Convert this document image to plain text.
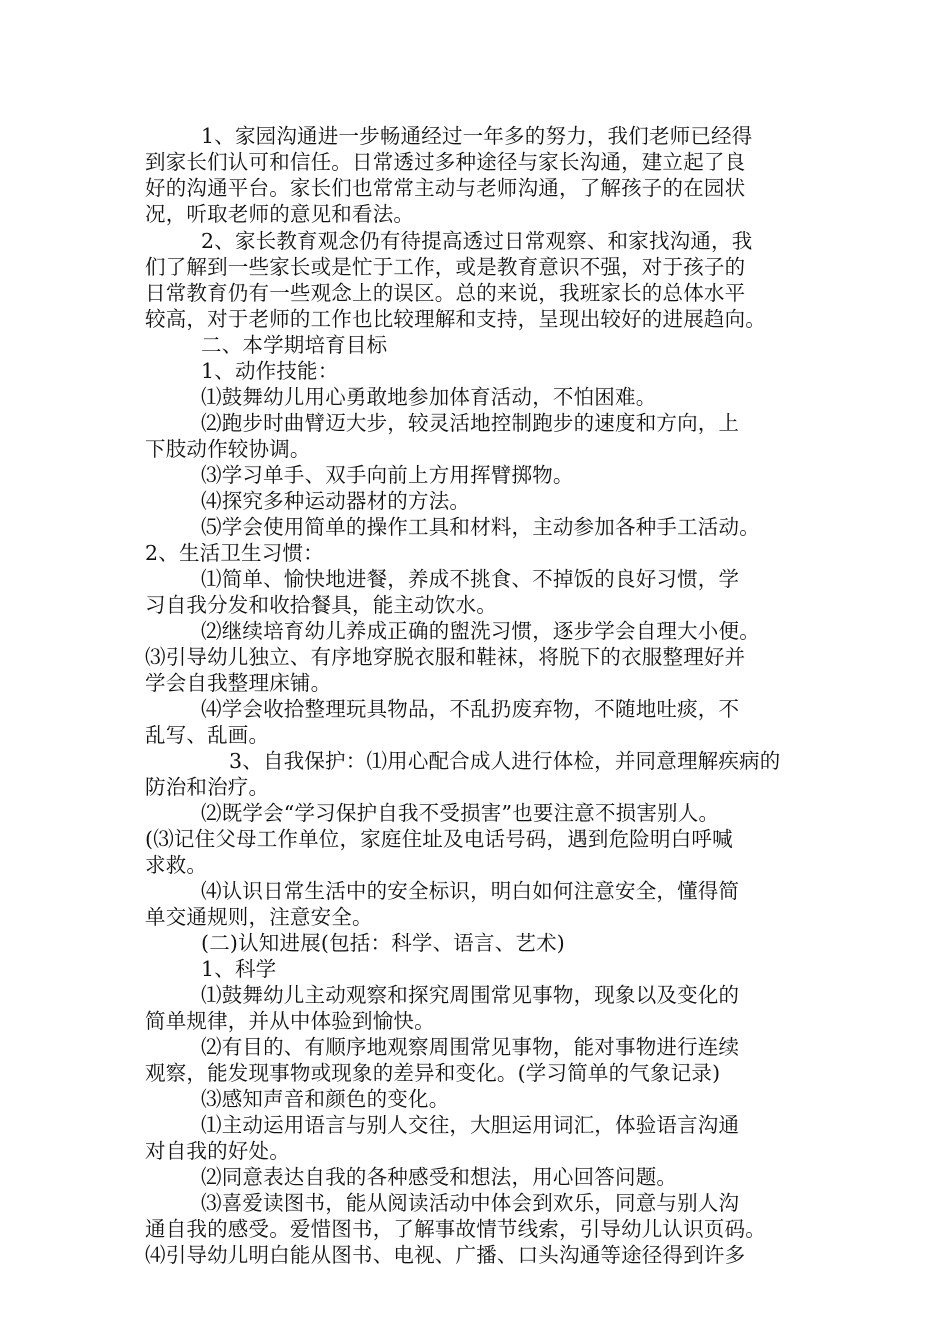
1、家园沟通进一步畅通经过一年多的努力，我们老师已经得
到家长们认可和信任。日常透过多种途径与家长沟通，建立起了良
好的沟通平台。家长们也常常主动与老师沟通，了解孩子的在园状
况，听取老师的意见和看法。
2、家长教育观念仍有待提高透过日常观察、和家找沟通，我
们了解到一些家长或是忙于工作，或是教育意识不强，对于孩子的
日常教育仍有一些观念上的误区。总的来说，我班家长的总体水平
较高，对于老师的工作也比较理解和支持，呈现出较好的进展趋向。
二、本学期培育目标
1、动作技能：
⑴鼓舞幼儿用心勇敢地参加体育活动，不怕困难。
⑵跑步时曲臂迈大步，较灵活地控制跑步的速度和方向，上
下肢动作较协调。
⑶学习单手、双手向前上方用挥臂掷物。
⑷探究多种运动器材的方法。
⑸学会使用简单的操作工具和材料，主动参加各种手工活动。
2、生活卫生习惯：
⑴简单、愉快地进餐，养成不挑食、不掉饭的良好习惯，学
习自我分发和收拾餐具，能主动饮水。
⑵继续培育幼儿养成正确的盥洗习惯，逐步学会自理大小便。
⑶引导幼儿独立、有序地穿脱衣服和鞋袜，将脱下的衣服整理好并
学会自我整理床铺。
⑷学会收拾整理玩具物品，不乱扔废弃物，不随地吐痰，不
乱写、乱画。
3、自我保护：⑴用心配合成人进行体检，并同意理解疾病的
防治和治疗。
⑵既学会“学习保护自我不受损害”也要注意不损害别人。
(⑶记住父母工作单位，家庭住址及电话号码，遇到危险明白呼喊
求救。
⑷认识日常生活中的安全标识，明白如何注意安全，懂得简
单交通规则，注意安全。
(二)认知进展(包括：科学、语言、艺术)
1、科学
⑴鼓舞幼儿主动观察和探究周围常见事物，现象以及变化的
简单规律，并从中体验到愉快。
⑵有目的、有顺序地观察周围常见事物，能对事物进行连续
观察，能发现事物或现象的差异和变化。(学习简单的气象记录)
⑶感知声音和颜色的变化。
⑴主动运用语言与别人交往，大胆运用词汇，体验语言沟通
对自我的好处。
⑵同意表达自我的各种感受和想法，用心回答问题。
⑶喜爱读图书，能从阅读活动中体会到欢乐，同意与别人沟
通自我的感受。爱惜图书，了解事故情节线索，引导幼儿认识页码。
⑷引导幼儿明白能从图书、电视、广播、口头沟通等途径得到许多
